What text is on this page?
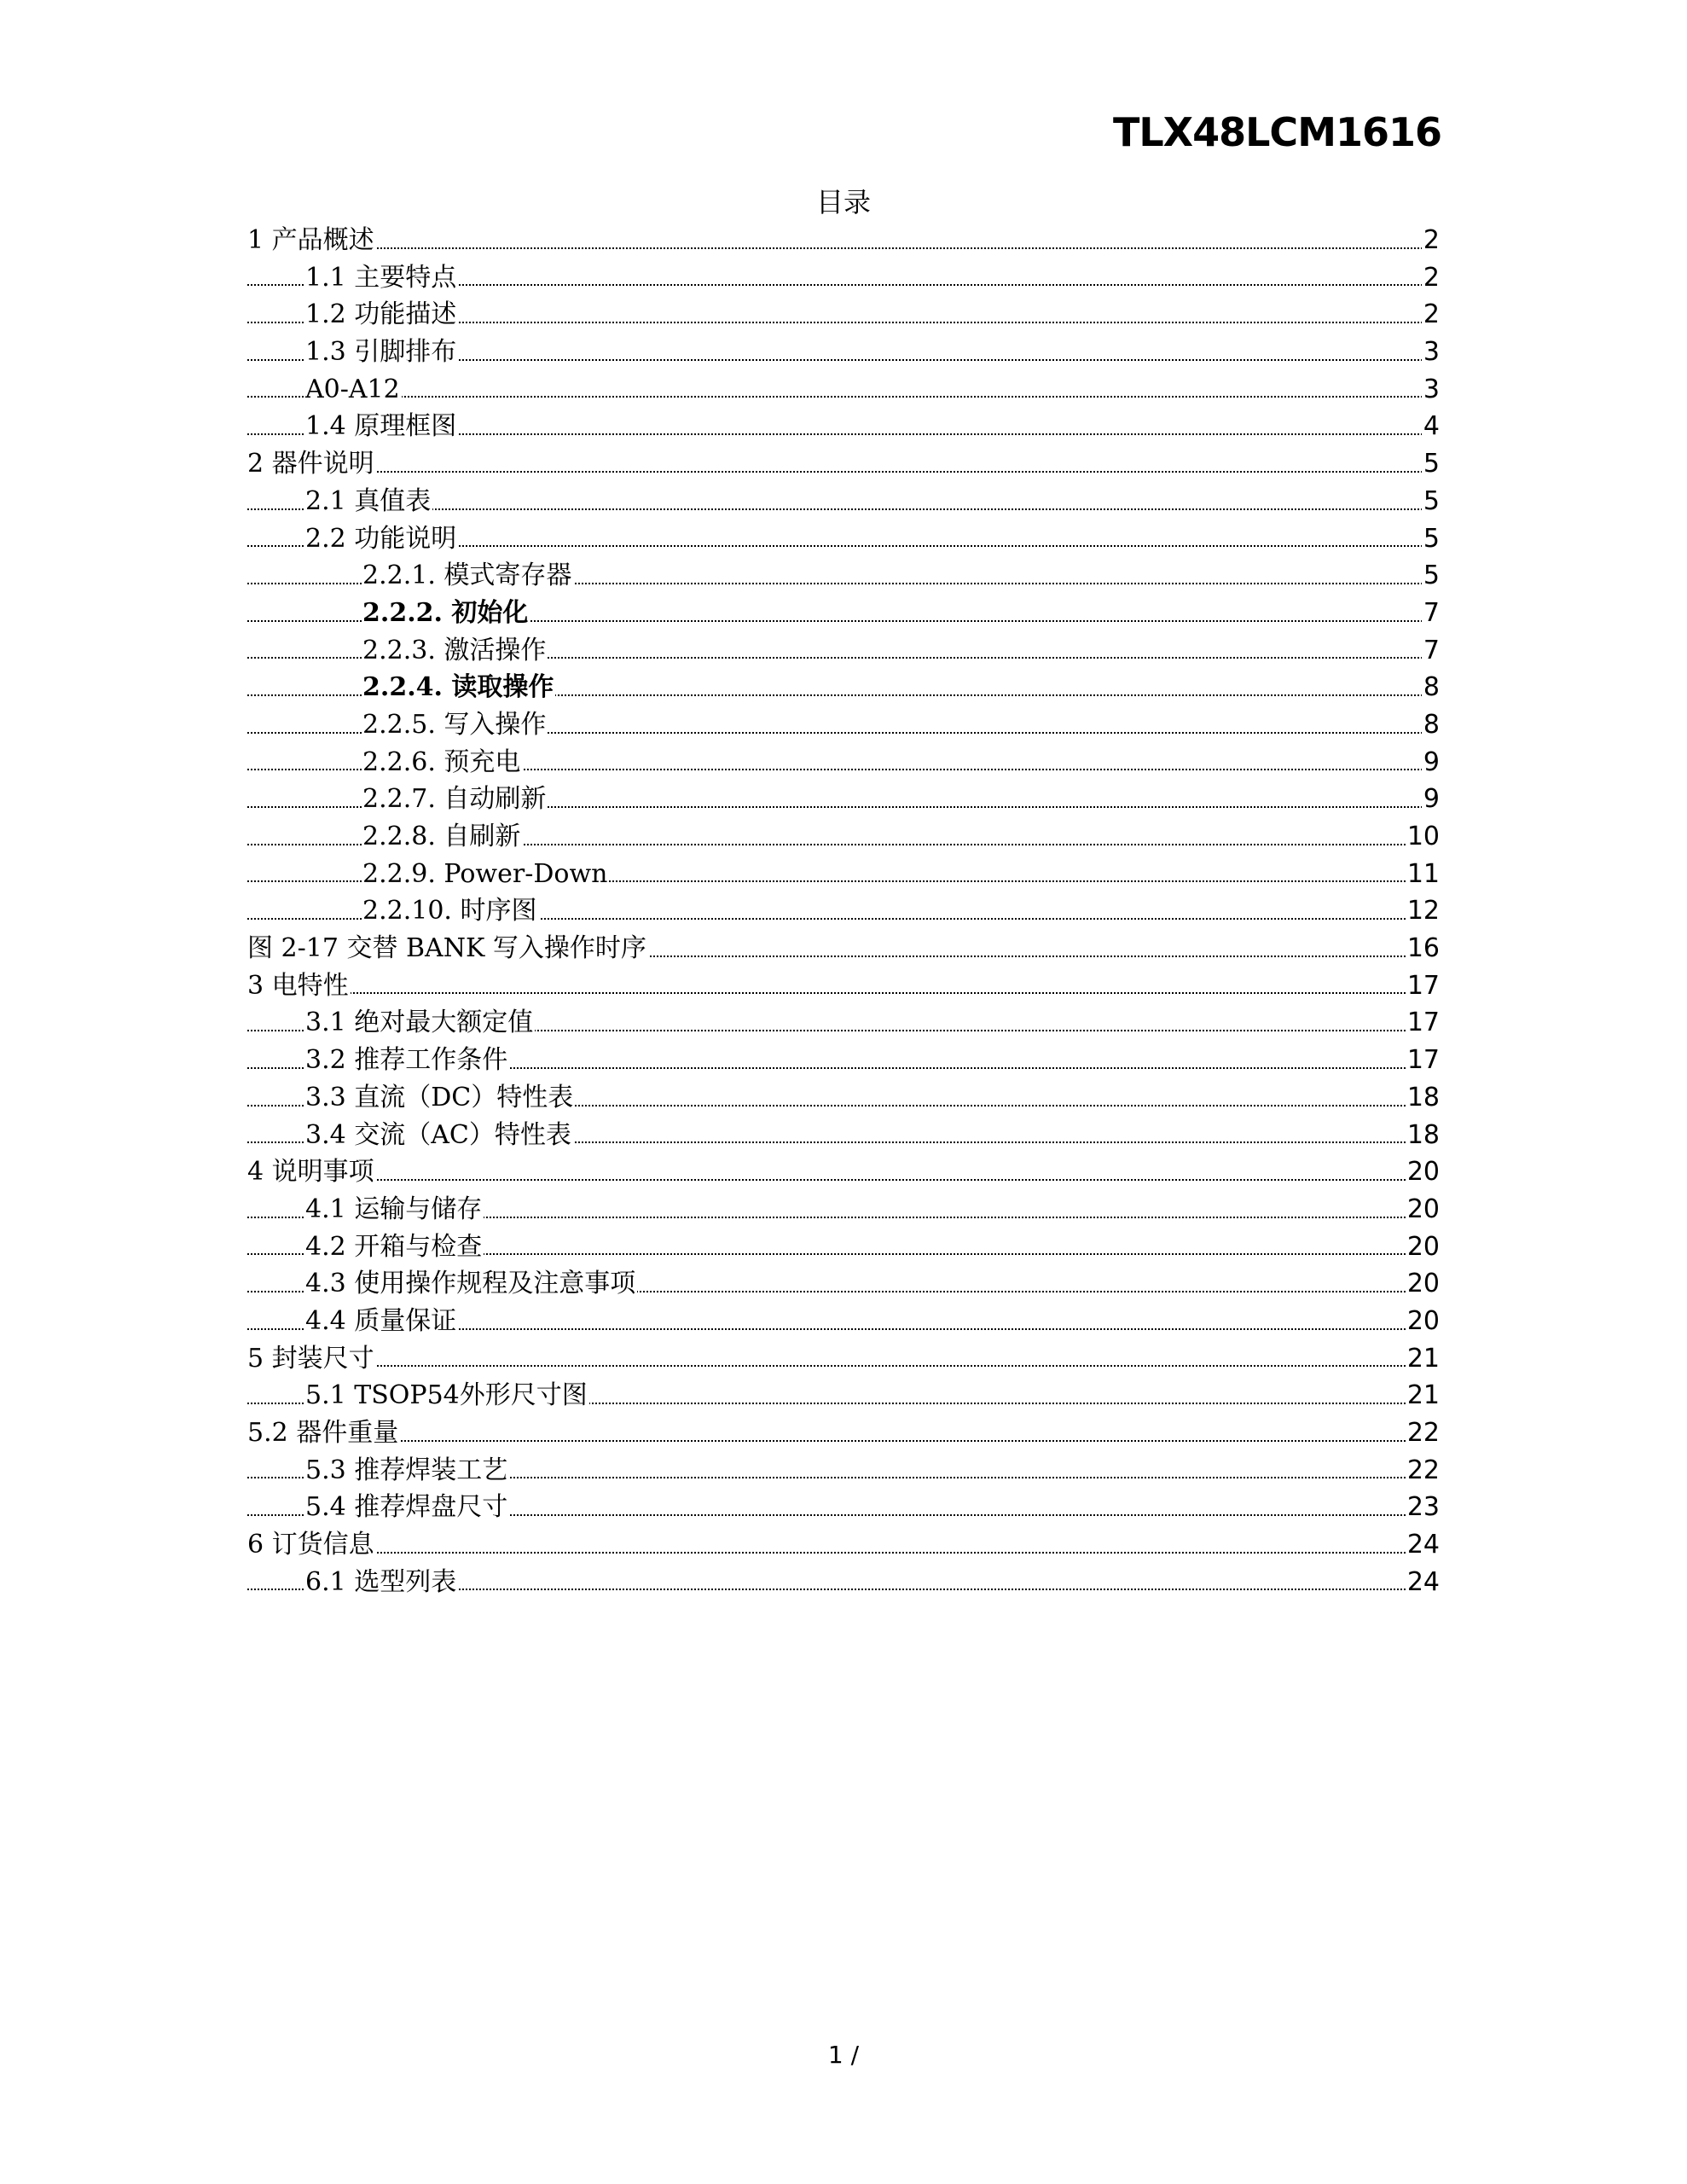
TLX48LCM1616
目录
1 产品概述	2
1.1 主要特点	2
1.2 功能描述	2
1.3 引脚排布	3
A0-A12	3
1.4 原理框图	4
2 器件说明	5
2.1 真值表	5
2.2 功能说明	5
2.2.1. 模式寄存器	5
2.2.2. 初始化	7
2.2.3. 激活操作	7
2.2.4. 读取操作	8
2.2.5. 写入操作	8
2.2.6. 预充电	9
2.2.7. 自动刷新	9
2.2.8. 自刷新	10
2.2.9. Power-Down	11
2.2.10. 时序图	12
图 2-17 交替 BANK 写入操作时序	16
3 电特性	17
3.1 绝对最大额定值	17
3.2 推荐工作条件	17
3.3 直流（DC）特性表	18
3.4 交流（AC）特性表	18
4 说明事项	20
4.1 运输与储存	20
4.2 开箱与检查	20
4.3 使用操作规程及注意事项	20
4.4 质量保证	20
5 封装尺寸	21
5.1 TSOP54外形尺寸图	21
5.2 器件重量	22
5.3 推荐焊装工艺	22
5.4 推荐焊盘尺寸	23
6 订货信息	24
6.1 选型列表	24
1 /
